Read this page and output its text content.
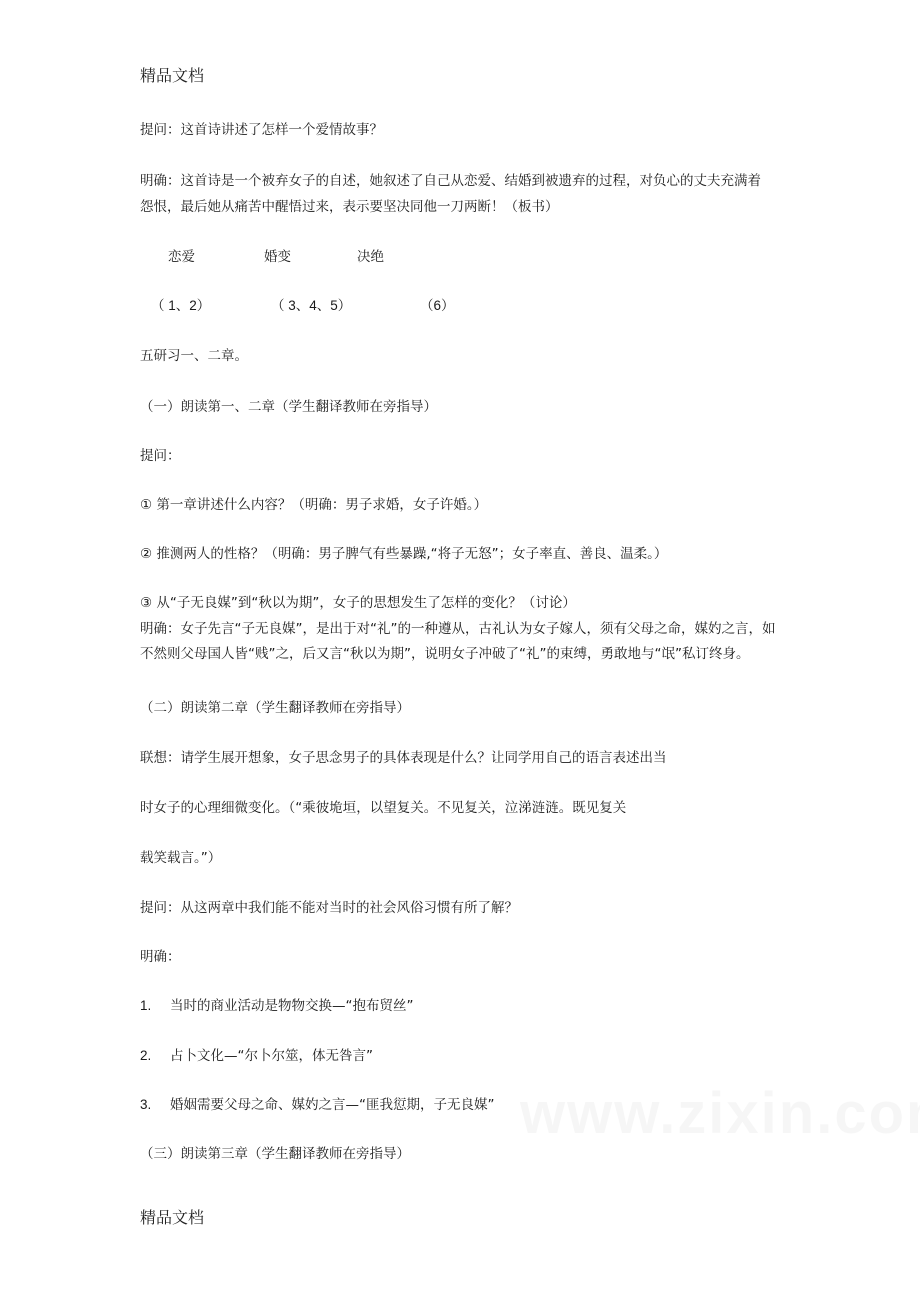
精品文档
提问：这首诗讲述了怎样一个爱情故事？
明确：这首诗是一个被弃女子的自述，她叙述了自己从恋爱、结婚到被遗弃的过程，对负心的丈夫充满着
怨恨，最后她从痛苦中醒悟过来，表示要坚决同他一刀两断！（板书）
恋爱	婚变	决绝
（ 1、2）	（ 3、4、5）	（6）
五研习一、二章。
（一）朗读第一、二章（学生翻译教师在旁指导）
提问：
① 第一章讲述什么内容？（明确：男子求婚，女子许婚。）
② 推测两人的性格？（明确：男子脾气有些暴躁,“将子无怒”；女子率直、善良、温柔。）
③ 从“子无良媒”到“秋以为期”，女子的思想发生了怎样的变化？（讨论）
明确：女子先言“子无良媒”，是出于对“礼”的一种遵从，古礼认为女子嫁人，须有父母之命，媒妁之言，如
不然则父母国人皆“贱”之，后又言“秋以为期”，说明女子冲破了“礼”的束缚，勇敢地与“氓”私订终身。
（二）朗读第二章（学生翻译教师在旁指导）
联想：请学生展开想象，女子思念男子的具体表现是什么？让同学用自己的语言表述出当
时女子的心理细微变化。（“乘彼垝垣，以望复关。不见复关，泣涕涟涟。既见复关
载笑载言。”）
提问：从这两章中我们能不能对当时的社会风俗习惯有所了解？
明确：
1. 当时的商业活动是物物交换—“抱布贸丝”
2. 占卜文化—“尔卜尔筮，体无咎言”
3. 婚姻需要父母之命、媒妁之言—“匪我愆期，子无良媒”
（三）朗读第三章（学生翻译教师在旁指导）
精品文档
